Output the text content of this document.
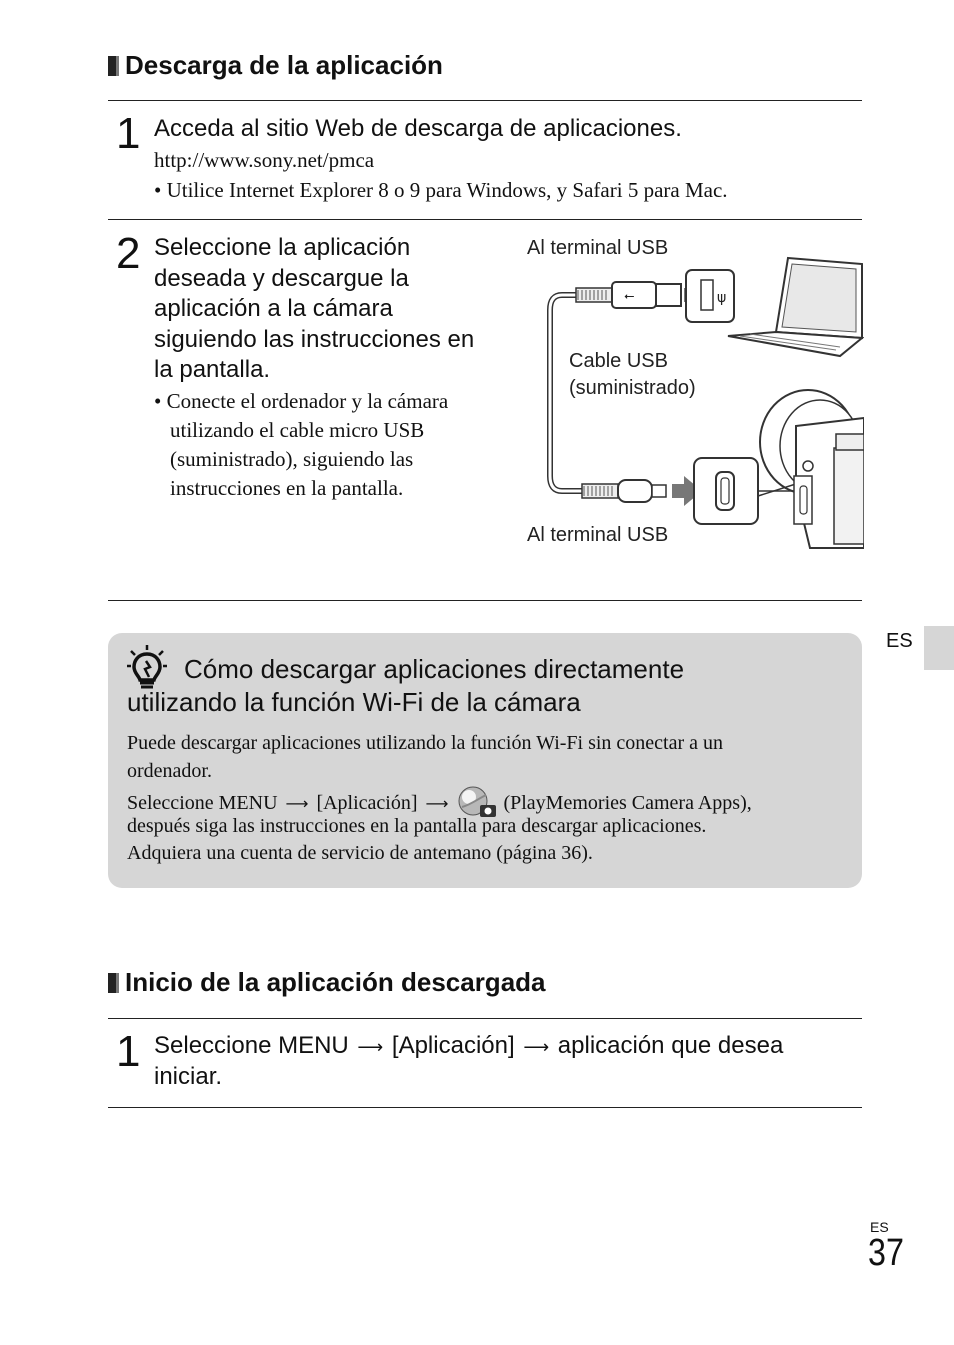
Descarga de la aplicación
1 Acceda al sitio Web de descarga de aplicaciones.
http://www.sony.net/pmca
• Utilice Internet Explorer 8 o 9 para Windows, y Safari 5 para Mac.
2 Seleccione la aplicación
deseada y descargue la
aplicación a la cámara
siguiendo las instrucciones en
la pantalla.
• Conecte el ordenador y la cámara
utilizando el cable micro USB
(suministrado), siguiendo las
instrucciones en la pantalla.
Al terminal USB
Cable USB
(suministrado)
Al terminal USB
⭠	ψ
ES
Cómo descargar aplicaciones directamente
utilizando la función Wi-Fi de la cámara
Puede descargar aplicaciones utilizando la función Wi-Fi sin conectar a un
ordenador.
Seleccione MENU ⟶ [Aplicación] ⟶	(PlayMemories Camera Apps),
después siga las instrucciones en la pantalla para descargar aplicaciones.
Adquiera una cuenta de servicio de antemano (página 36).
Inicio de la aplicación descargada
1 Seleccione MENU ⟶ [Aplicación] ⟶ aplicación que desea
iniciar.
ES
37
